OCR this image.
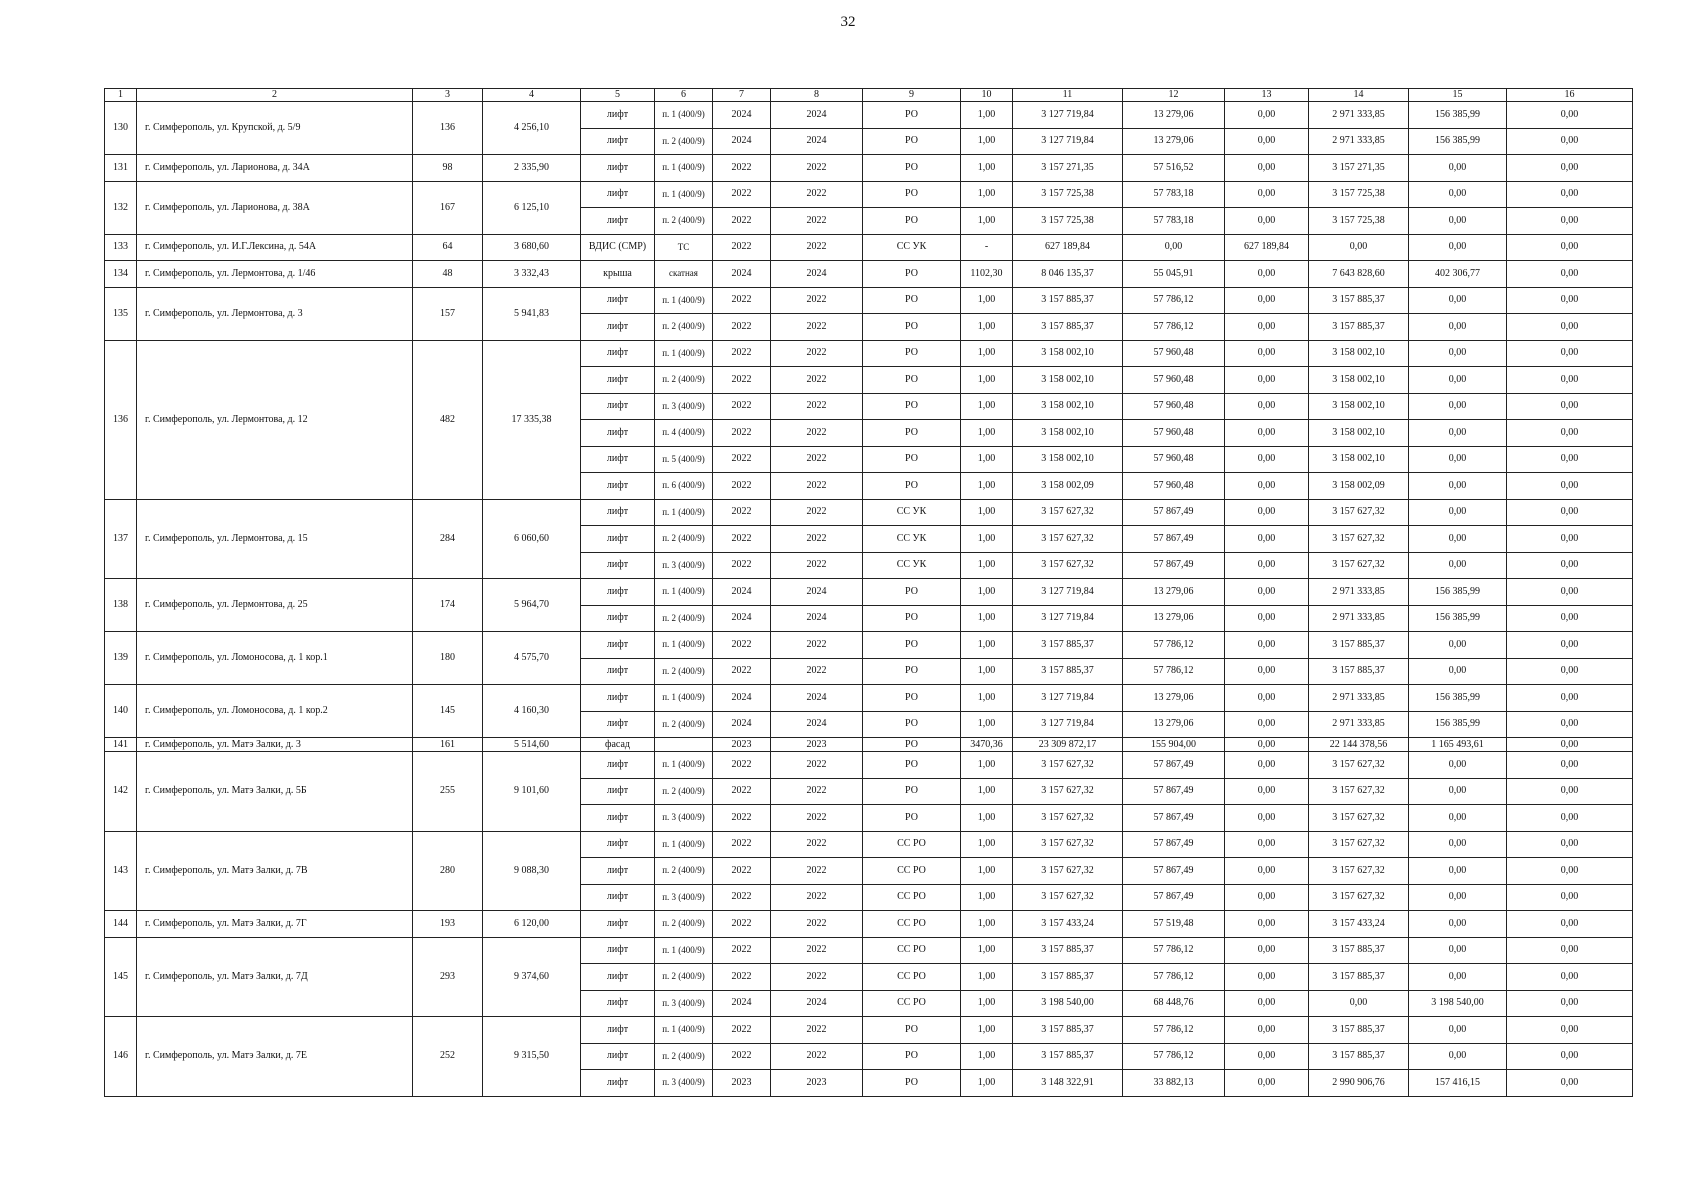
32
1	2	3	4	5	6	7	8	9	10	11	12	13	14	15	16
130	г. Симферополь, ул. Крупской, д. 5/9	136	4 256,10	лифт	п. 1 (400/9)	2024	2024	РО	1,00	3 127 719,84	13 279,06	0,00	2 971 333,85	156 385,99	0,00
				лифт	п. 2 (400/9)	2024	2024	РО	1,00	3 127 719,84	13 279,06	0,00	2 971 333,85	156 385,99	0,00
131	г. Симферополь, ул. Ларионова, д. 34А	98	2 335,90	лифт	п. 1 (400/9)	2022	2022	РО	1,00	3 157 271,35	57 516,52	0,00	3 157 271,35	0,00	0,00
132	г. Симферополь, ул. Ларионова, д. 38А	167	6 125,10	лифт	п. 1 (400/9)	2022	2022	РО	1,00	3 157 725,38	57 783,18	0,00	3 157 725,38	0,00	0,00
				лифт	п. 2 (400/9)	2022	2022	РО	1,00	3 157 725,38	57 783,18	0,00	3 157 725,38	0,00	0,00
133	г. Симферополь, ул. И.Г.Лексина, д. 54А	64	3 680,60	ВДИС (СМР)	ТС	2022	2022	СС УК	-	627 189,84	0,00	627 189,84	0,00	0,00	0,00
134	г. Симферополь, ул. Лермонтова, д. 1/46	48	3 332,43	крыша	скатная	2024	2024	РО	1102,30	8 046 135,37	55 045,91	0,00	7 643 828,60	402 306,77	0,00
135	г. Симферополь, ул. Лермонтова, д. 3	157	5 941,83	лифт	п. 1 (400/9)	2022	2022	РО	1,00	3 157 885,37	57 786,12	0,00	3 157 885,37	0,00	0,00
				лифт	п. 2 (400/9)	2022	2022	РО	1,00	3 157 885,37	57 786,12	0,00	3 157 885,37	0,00	0,00
136	г. Симферополь, ул. Лермонтова, д. 12	482	17 335,38	лифт	п. 1 (400/9)	2022	2022	РО	1,00	3 158 002,10	57 960,48	0,00	3 158 002,10	0,00	0,00
				лифт	п. 2 (400/9)	2022	2022	РО	1,00	3 158 002,10	57 960,48	0,00	3 158 002,10	0,00	0,00
				лифт	п. 3 (400/9)	2022	2022	РО	1,00	3 158 002,10	57 960,48	0,00	3 158 002,10	0,00	0,00
				лифт	п. 4 (400/9)	2022	2022	РО	1,00	3 158 002,10	57 960,48	0,00	3 158 002,10	0,00	0,00
				лифт	п. 5 (400/9)	2022	2022	РО	1,00	3 158 002,10	57 960,48	0,00	3 158 002,10	0,00	0,00
				лифт	п. 6 (400/9)	2022	2022	РО	1,00	3 158 002,09	57 960,48	0,00	3 158 002,09	0,00	0,00
137	г. Симферополь, ул. Лермонтова, д. 15	284	6 060,60	лифт	п. 1 (400/9)	2022	2022	СС УК	1,00	3 157 627,32	57 867,49	0,00	3 157 627,32	0,00	0,00
				лифт	п. 2 (400/9)	2022	2022	СС УК	1,00	3 157 627,32	57 867,49	0,00	3 157 627,32	0,00	0,00
				лифт	п. 3 (400/9)	2022	2022	СС УК	1,00	3 157 627,32	57 867,49	0,00	3 157 627,32	0,00	0,00
138	г. Симферополь, ул. Лермонтова, д. 25	174	5 964,70	лифт	п. 1 (400/9)	2024	2024	РО	1,00	3 127 719,84	13 279,06	0,00	2 971 333,85	156 385,99	0,00
				лифт	п. 2 (400/9)	2024	2024	РО	1,00	3 127 719,84	13 279,06	0,00	2 971 333,85	156 385,99	0,00
139	г. Симферополь, ул. Ломоносова, д. 1 кор.1	180	4 575,70	лифт	п. 1 (400/9)	2022	2022	РО	1,00	3 157 885,37	57 786,12	0,00	3 157 885,37	0,00	0,00
				лифт	п. 2 (400/9)	2022	2022	РО	1,00	3 157 885,37	57 786,12	0,00	3 157 885,37	0,00	0,00
140	г. Симферополь, ул. Ломоносова, д. 1 кор.2	145	4 160,30	лифт	п. 1 (400/9)	2024	2024	РО	1,00	3 127 719,84	13 279,06	0,00	2 971 333,85	156 385,99	0,00
				лифт	п. 2 (400/9)	2024	2024	РО	1,00	3 127 719,84	13 279,06	0,00	2 971 333,85	156 385,99	0,00
141	г. Симферополь, ул. Матэ Залки, д. 3	161	5 514,60	фасад		2023	2023	РО	3470,36	23 309 872,17	155 904,00	0,00	22 144 378,56	1 165 493,61	0,00
142	г. Симферополь, ул. Матэ Залки, д. 5Б	255	9 101,60	лифт	п. 1 (400/9)	2022	2022	РО	1,00	3 157 627,32	57 867,49	0,00	3 157 627,32	0,00	0,00
				лифт	п. 2 (400/9)	2022	2022	РО	1,00	3 157 627,32	57 867,49	0,00	3 157 627,32	0,00	0,00
				лифт	п. 3 (400/9)	2022	2022	РО	1,00	3 157 627,32	57 867,49	0,00	3 157 627,32	0,00	0,00
143	г. Симферополь, ул. Матэ Залки, д. 7В	280	9 088,30	лифт	п. 1 (400/9)	2022	2022	СС РО	1,00	3 157 627,32	57 867,49	0,00	3 157 627,32	0,00	0,00
				лифт	п. 2 (400/9)	2022	2022	СС РО	1,00	3 157 627,32	57 867,49	0,00	3 157 627,32	0,00	0,00
				лифт	п. 3 (400/9)	2022	2022	СС РО	1,00	3 157 627,32	57 867,49	0,00	3 157 627,32	0,00	0,00
144	г. Симферополь, ул. Матэ Залки, д. 7Г	193	6 120,00	лифт	п. 2 (400/9)	2022	2022	СС РО	1,00	3 157 433,24	57 519,48	0,00	3 157 433,24	0,00	0,00
145	г. Симферополь, ул. Матэ Залки, д. 7Д	293	9 374,60	лифт	п. 1 (400/9)	2022	2022	СС РО	1,00	3 157 885,37	57 786,12	0,00	3 157 885,37	0,00	0,00
				лифт	п. 2 (400/9)	2022	2022	СС РО	1,00	3 157 885,37	57 786,12	0,00	3 157 885,37	0,00	0,00
				лифт	п. 3 (400/9)	2024	2024	СС РО	1,00	3 198 540,00	68 448,76	0,00	0,00	3 198 540,00	0,00
146	г. Симферополь, ул. Матэ Залки, д. 7Е	252	9 315,50	лифт	п. 1 (400/9)	2022	2022	РО	1,00	3 157 885,37	57 786,12	0,00	3 157 885,37	0,00	0,00
				лифт	п. 2 (400/9)	2022	2022	РО	1,00	3 157 885,37	57 786,12	0,00	3 157 885,37	0,00	0,00
				лифт	п. 3 (400/9)	2023	2023	РО	1,00	3 148 322,91	33 882,13	0,00	2 990 906,76	157 416,15	0,00
